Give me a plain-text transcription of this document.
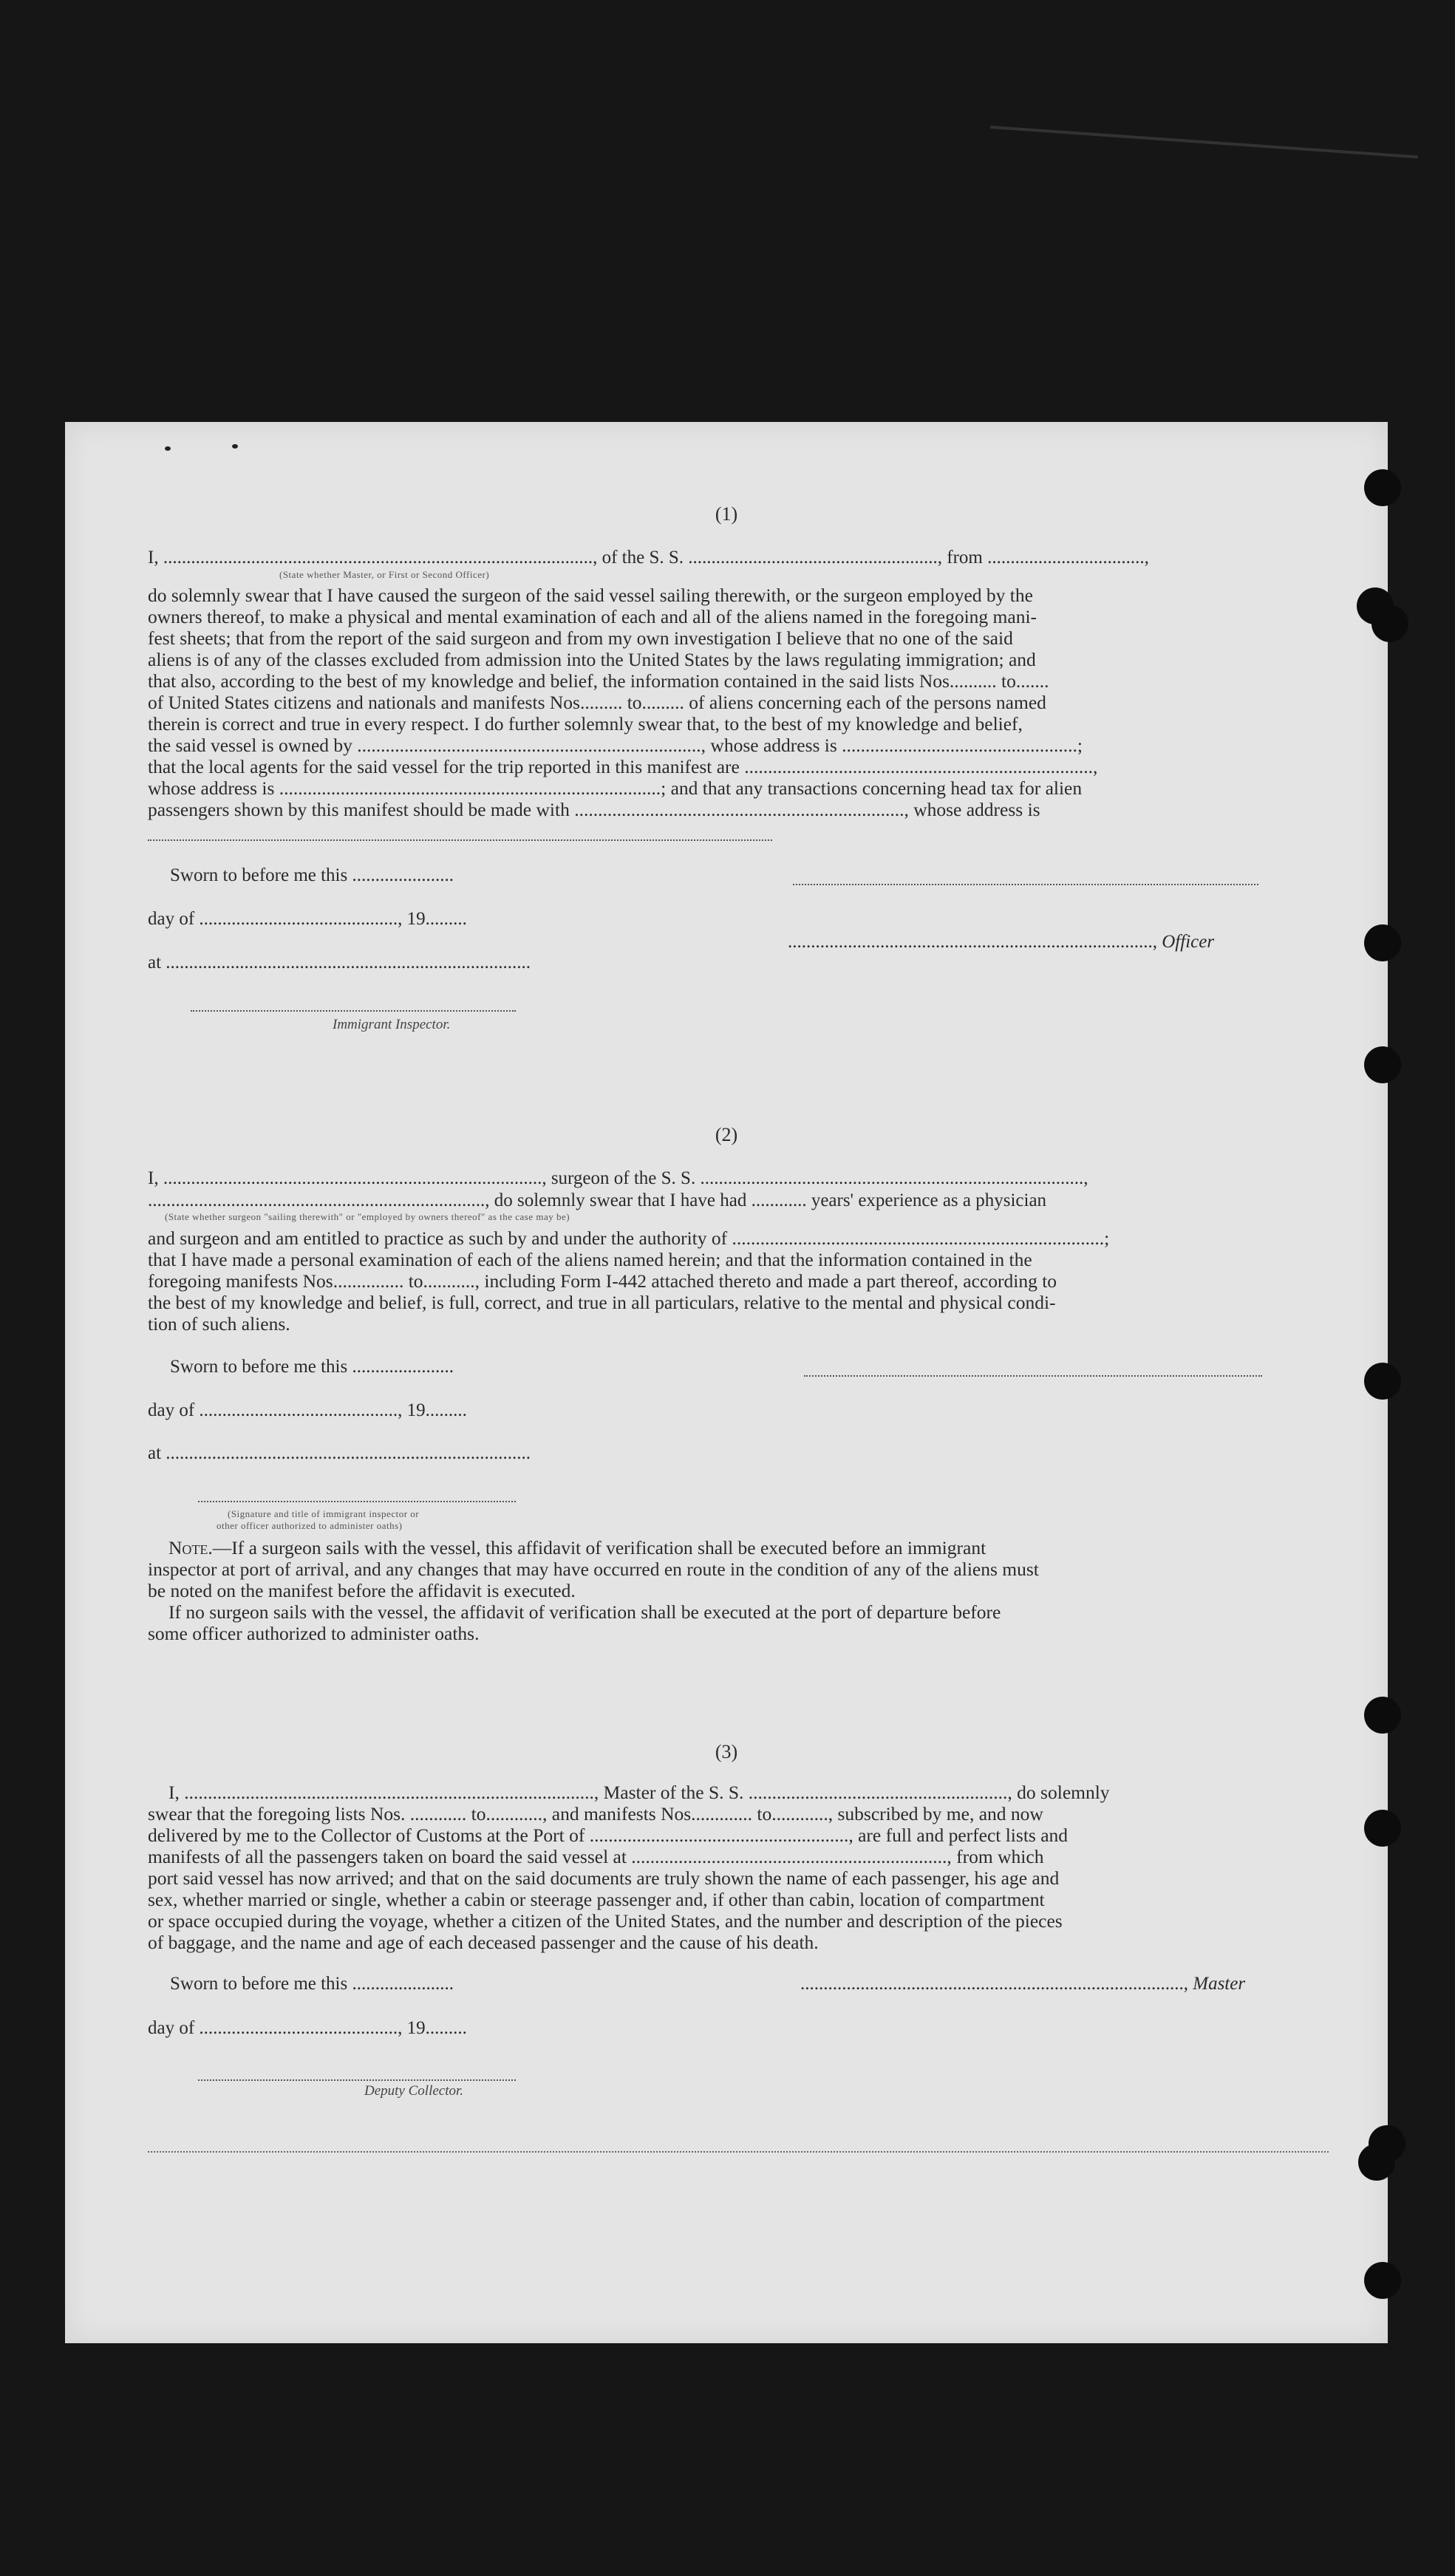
(1)
I, ............................................................................................., of the S. S. ......................................................, from ..................................,
(State whether Master, or First or Second Officer)

do solemnly swear that I have caused the surgeon of the said vessel sailing therewith, or the surgeon employed by the

owners thereof, to make a physical and mental examination of each and all of the aliens named in the foregoing mani-

fest sheets; that from the report of the said surgeon and from my own investigation I believe that no one of the said

aliens is of any of the classes excluded from admission into the United States by the laws regulating immigration; and

that also, according to the best of my knowledge and belief, the information contained in the said lists Nos.......... to.......

of United States citizens and nationals and manifests Nos......... to......... of aliens concerning each of the persons named

therein is correct and true in every respect. I do further solemnly swear that, to the best of my knowledge and belief,

the said vessel is owned by ........................................................................., whose address is ..................................................;

that the local agents for the said vessel for the trip reported in this manifest are ..........................................................................,

whose address is .................................................................................; and that any transactions concerning head tax for alien

passengers shown by this manifest should be made with ......................................................................, whose address is

Sworn to before me this ......................
day of ..........................................., 19.........
..............................................................................., Officer
at ...............................................................................
Immigrant Inspector.
(2)
I, .................................................................................., surgeon of the S. S. ...................................................................................,
........................................................................., do solemnly swear that I have had ............ years' experience as a physician
(State whether surgeon "sailing therewith" or "employed by owners thereof" as the case may be)

and surgeon and am entitled to practice as such by and under the authority of ...............................................................................;

that I have made a personal examination of each of the aliens named herein; and that the information contained in the

foregoing manifests Nos............... to..........., including Form I-442 attached thereto and made a part thereof, according to

the best of my knowledge and belief, is full, correct, and true in all particulars, relative to the mental and physical condi-

tion of such aliens.

Sworn to before me this ......................
day of ..........................................., 19.........
at ...............................................................................
(Signature and title of immigrant inspector or
other officer authorized to administer oaths)

Note.—If a surgeon sails with the vessel, this affidavit of verification shall be executed before an immigrant

inspector at port of arrival, and any changes that may have occurred en route in the condition of any of the aliens must

be noted on the manifest before the affidavit is executed.

If no surgeon sails with the vessel, the affidavit of verification shall be executed at the port of departure before

some officer authorized to administer oaths.

(3)

I, ......................................................................................., Master of the S. S. ......................................................., do solemnly

swear that the foregoing lists Nos. ............ to............, and manifests Nos............. to............, subscribed by me, and now

delivered by me to the Collector of Customs at the Port of ......................................................., are full and perfect lists and

manifests of all the passengers taken on board the said vessel at ..................................................................., from which

port said vessel has now arrived; and that on the said documents are truly shown the name of each passenger, his age and

sex, whether married or single, whether a cabin or steerage passenger and, if other than cabin, location of compartment

or space occupied during the voyage, whether a citizen of the United States, and the number and description of the pieces

of baggage, and the name and age of each deceased passenger and the cause of his death.

Sworn to before me this ......................	..................................................................................., Master
day of ..........................................., 19.........
Deputy Collector.
